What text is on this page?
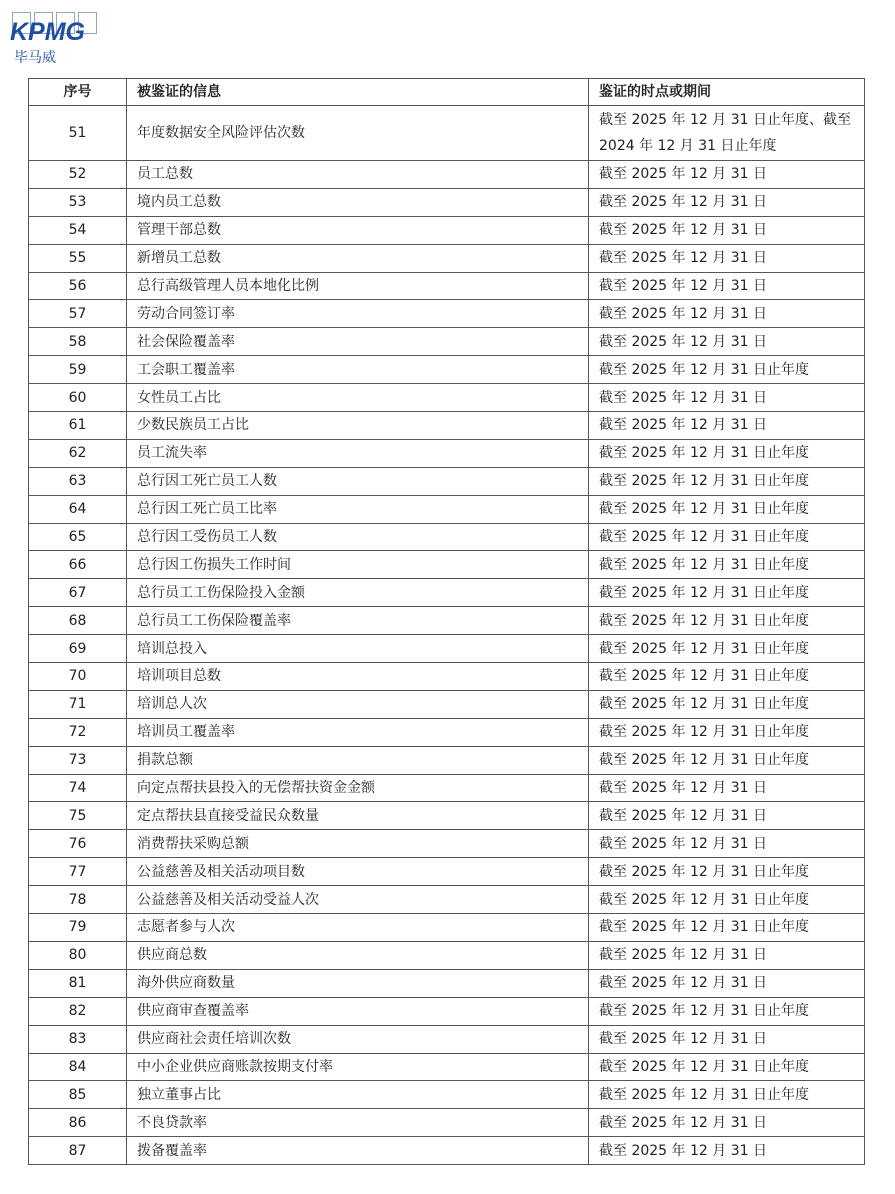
KPMG
毕马威
序号	被鉴证的信息	鉴证的时点或期间
51	年度数据安全风险评估次数	截至 2025 年 12 月 31 日止年度、截至 2024 年 12 月 31 日止年度
52	员工总数	截至 2025 年 12 月 31 日
53	境内员工总数	截至 2025 年 12 月 31 日
54	管理干部总数	截至 2025 年 12 月 31 日
55	新增员工总数	截至 2025 年 12 月 31 日
56	总行高级管理人员本地化比例	截至 2025 年 12 月 31 日
57	劳动合同签订率	截至 2025 年 12 月 31 日
58	社会保险覆盖率	截至 2025 年 12 月 31 日
59	工会职工覆盖率	截至 2025 年 12 月 31 日止年度
60	女性员工占比	截至 2025 年 12 月 31 日
61	少数民族员工占比	截至 2025 年 12 月 31 日
62	员工流失率	截至 2025 年 12 月 31 日止年度
63	总行因工死亡员工人数	截至 2025 年 12 月 31 日止年度
64	总行因工死亡员工比率	截至 2025 年 12 月 31 日止年度
65	总行因工受伤员工人数	截至 2025 年 12 月 31 日止年度
66	总行因工伤损失工作时间	截至 2025 年 12 月 31 日止年度
67	总行员工工伤保险投入金额	截至 2025 年 12 月 31 日止年度
68	总行员工工伤保险覆盖率	截至 2025 年 12 月 31 日止年度
69	培训总投入	截至 2025 年 12 月 31 日止年度
70	培训项目总数	截至 2025 年 12 月 31 日止年度
71	培训总人次	截至 2025 年 12 月 31 日止年度
72	培训员工覆盖率	截至 2025 年 12 月 31 日止年度
73	捐款总额	截至 2025 年 12 月 31 日止年度
74	向定点帮扶县投入的无偿帮扶资金金额	截至 2025 年 12 月 31 日
75	定点帮扶县直接受益民众数量	截至 2025 年 12 月 31 日
76	消费帮扶采购总额	截至 2025 年 12 月 31 日
77	公益慈善及相关活动项目数	截至 2025 年 12 月 31 日止年度
78	公益慈善及相关活动受益人次	截至 2025 年 12 月 31 日止年度
79	志愿者参与人次	截至 2025 年 12 月 31 日止年度
80	供应商总数	截至 2025 年 12 月 31 日
81	海外供应商数量	截至 2025 年 12 月 31 日
82	供应商审查覆盖率	截至 2025 年 12 月 31 日止年度
83	供应商社会责任培训次数	截至 2025 年 12 月 31 日
84	中小企业供应商账款按期支付率	截至 2025 年 12 月 31 日止年度
85	独立董事占比	截至 2025 年 12 月 31 日止年度
86	不良贷款率	截至 2025 年 12 月 31 日
87	拨备覆盖率	截至 2025 年 12 月 31 日
